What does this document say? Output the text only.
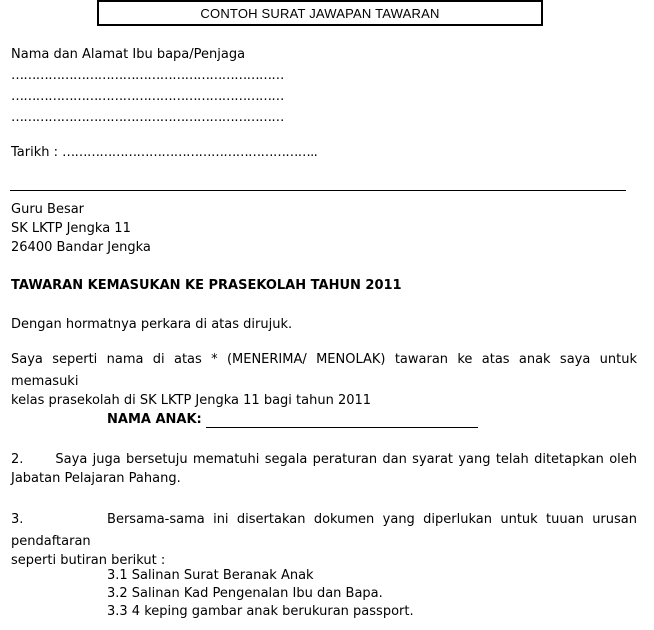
CONTOH SURAT JAWAPAN TAWARAN
Nama dan Alamat Ibu bapa/Penjaga
…………………………………………………………
…………………………………………………………
…………………………………………………………
Tarikh : ……………………………………………………..
Guru Besar
SK LKTP Jengka 11
26400 Bandar Jengka
TAWARAN KEMASUKAN KE PRASEKOLAH TAHUN 2011
Dengan hormatnya perkara di atas dirujuk.
Saya seperti nama di atas * (MENERIMA/ MENOLAK) tawaran ke atas anak saya untuk memasuki
kelas prasekolah di SK LKTP Jengka 11 bagi tahun 2011
NAMA ANAK:
2. Saya juga bersetuju mematuhi segala peraturan dan syarat yang telah ditetapkan oleh
Jabatan Pelajaran Pahang.
3.	Bersama-sama ini disertakan dokumen yang diperlukan untuk tuuan urusan pendaftaran
seperti butiran berikut :
3.1 Salinan Surat Beranak Anak
3.2 Salinan Kad Pengenalan Ibu dan Bapa.
3.3 4 keping gambar anak berukuran passport.
